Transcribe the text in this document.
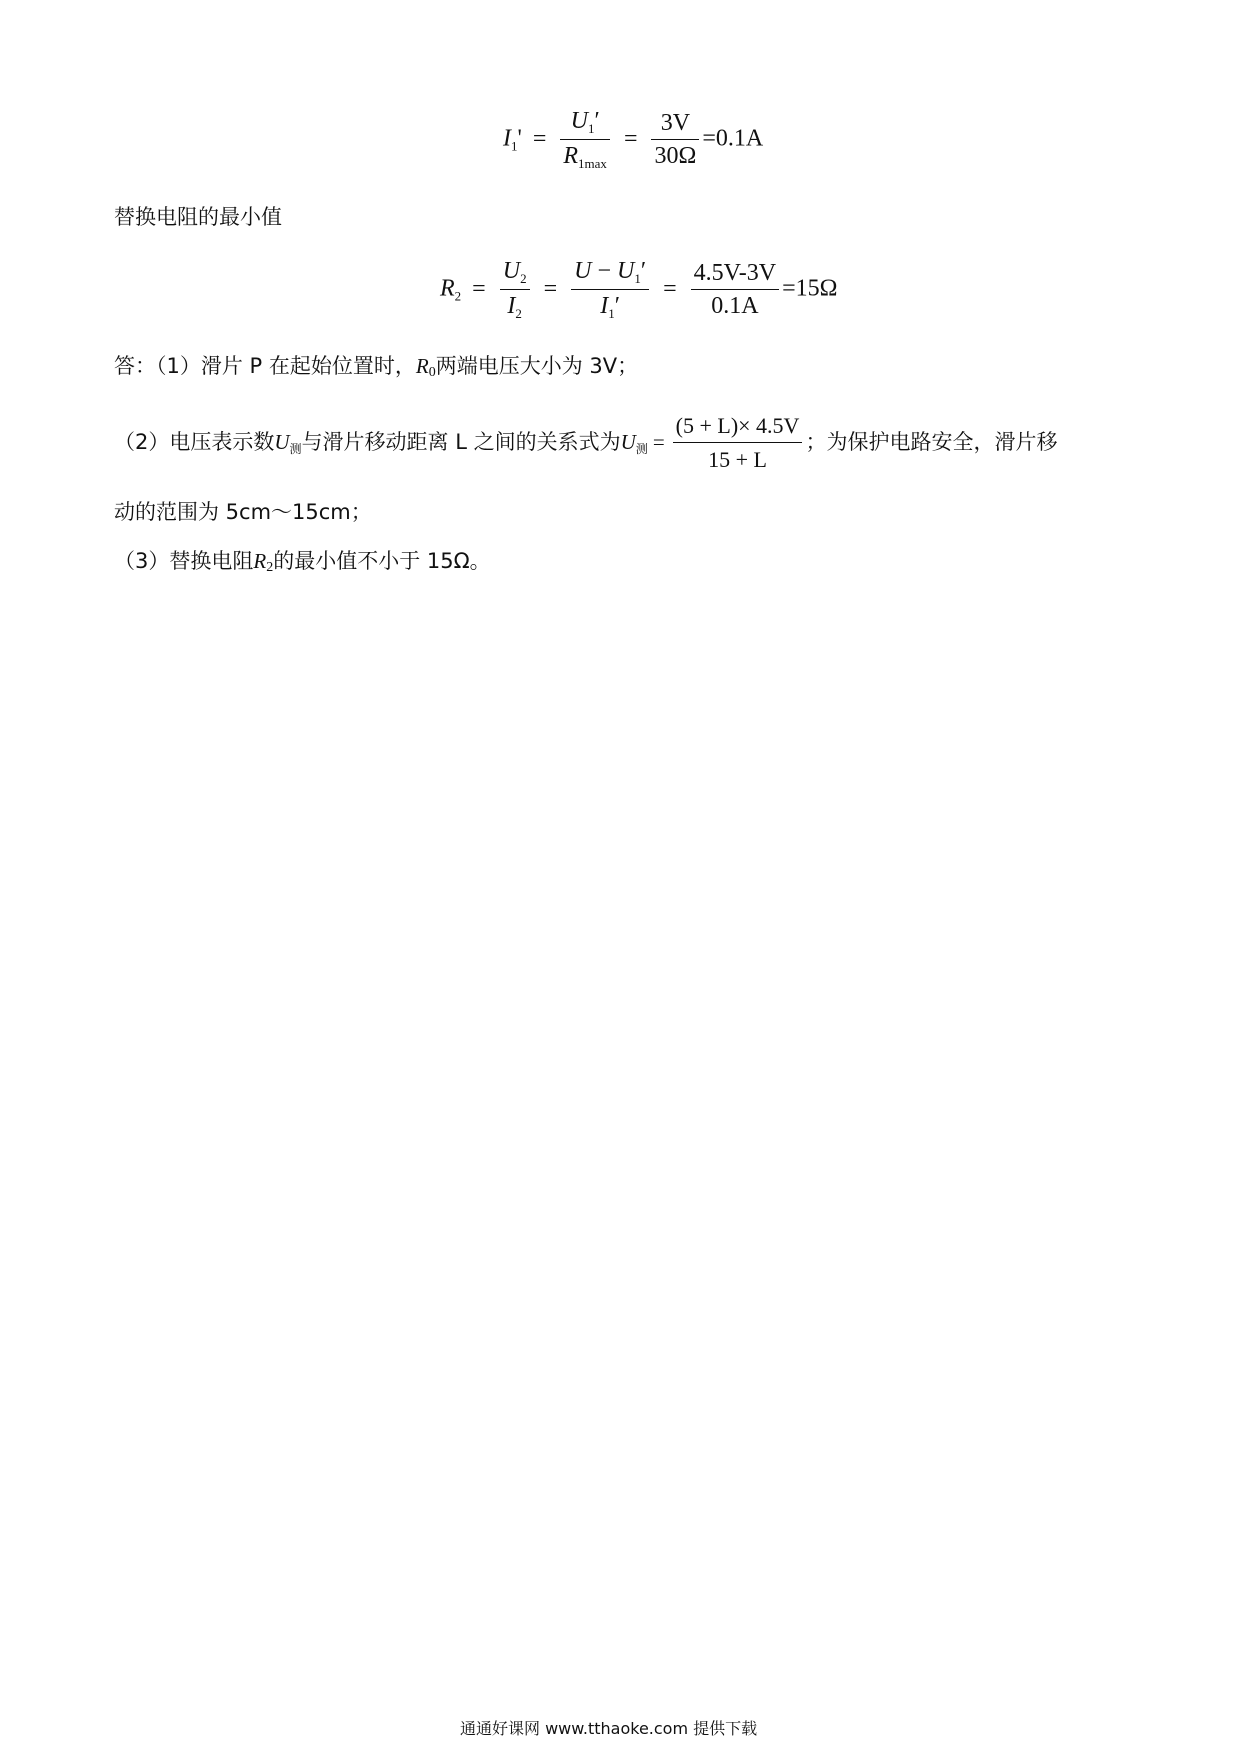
$I_1' = \frac{U_1'}{R_{1max}} = \frac{3V}{30\Omega} =0.1A$
替换电阻的最小值
$R_2 = \frac{U_2}{I_2} = \frac{U - U_1'}{I_1'} = \frac{4.5V-3V}{0.1A} =15\Omega$
答：（1）滑片 P 在起始位置时，$R_0$两端电压大小为 3V；
（2）电压表示数U测与滑片移动距离 L 之间的关系式为U测 = $\frac{(5 + L)\times 4.5V}{15 + L}$ ；为保护电路安全，滑片移
动的范围为 5cm～15cm；
（3）替换电阻R2的最小值不小于 15Ω。
通通好课网 www.tthaoke.com 提供下载
